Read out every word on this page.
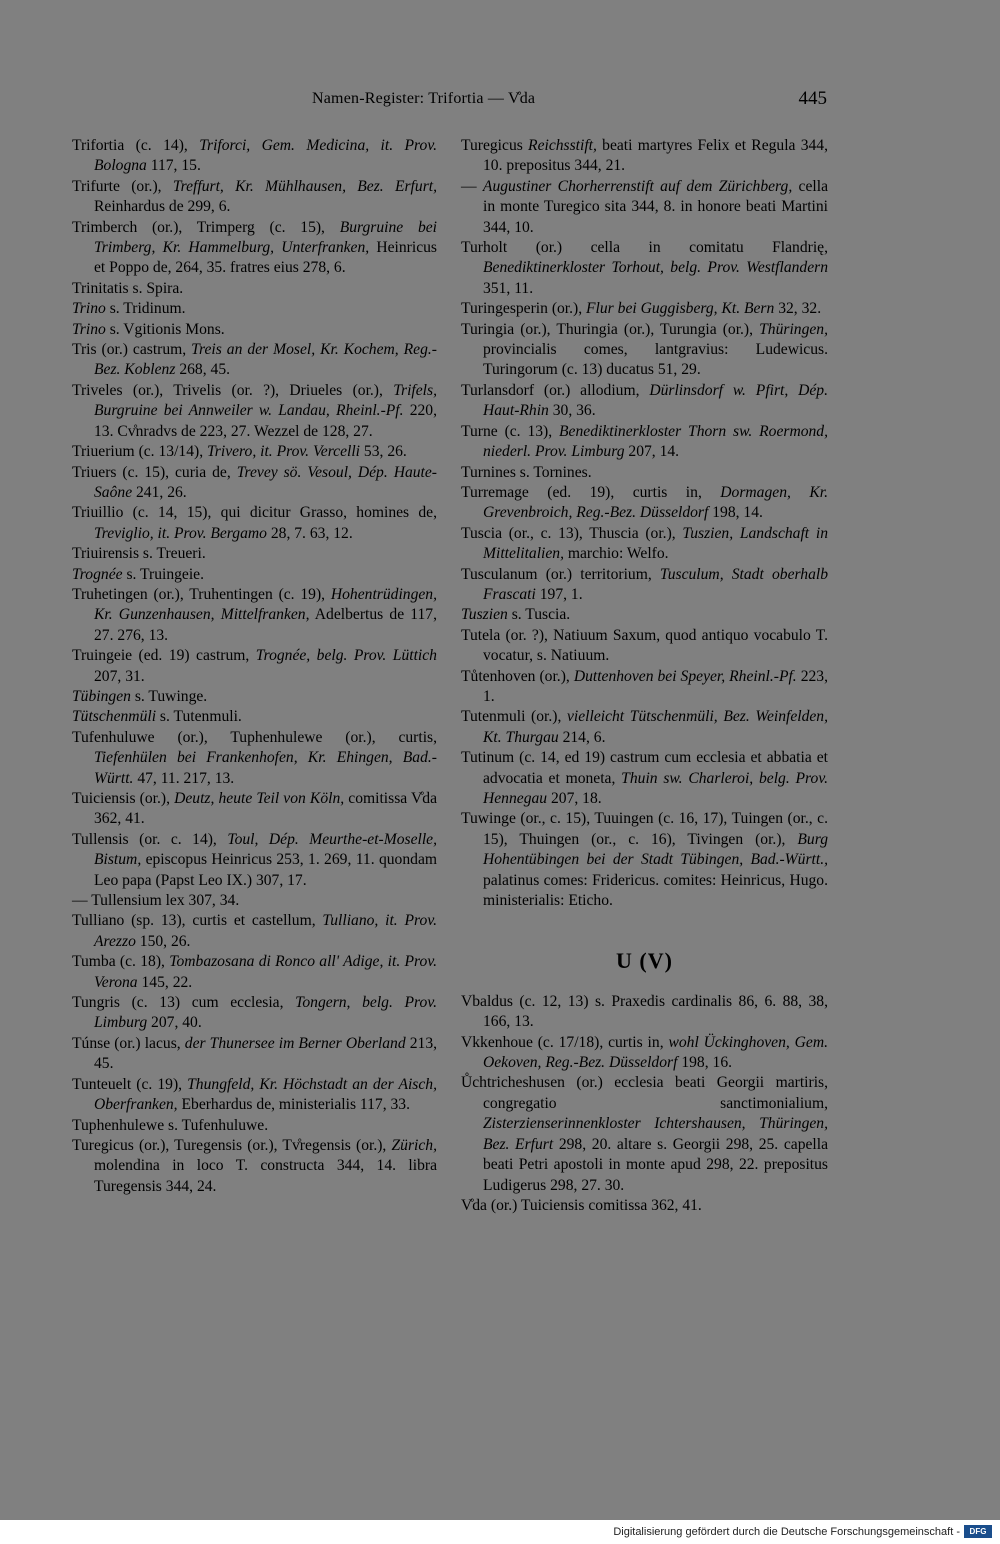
Namen-Register: Trifortia — V̊da	445

Trifortia (c. 14), Triforci, Gem. Medicina, it. Prov. Bologna 117, 15.

Trifurte (or.), Treffurt, Kr. Mühlhausen, Bez. Erfurt, Reinhardus de 299, 6.

Trimberch (or.), Trimperg (c. 15), Burgruine bei Trimberg, Kr. Hammelburg, Unterfranken, Heinricus et Poppo de, 264, 35. fratres eius 278, 6.

Trinitatis s. Spira.

Trino s. Tridinum.

Trino s. Vgitionis Mons.

Tris (or.) castrum, Treis an der Mosel, Kr. Kochem, Reg.-Bez. Koblenz 268, 45.

Triveles (or.), Trivelis (or. ?), Driueles (or.), Trifels, Burgruine bei Annweiler w. Landau, Rheinl.-Pf. 220, 13. Cv̊nradvs de 223, 27. Wezzel de 128, 27.

Triuerium (c. 13/14), Trivero, it. Prov. Vercelli 53, 26.

Triuers (c. 15), curia de, Trevey sö. Vesoul, Dép. Haute-Saône 241, 26.

Triuillio (c. 14, 15), qui dicitur Grasso, homines de, Treviglio, it. Prov. Bergamo 28, 7. 63, 12.

Triuirensis s. Treueri.

Trognée s. Truingeie.

Truhetingen (or.), Truhentingen (c. 19), Hohentrüdingen, Kr. Gunzenhausen, Mittelfranken, Adelbertus de 117, 27. 276, 13.

Truingeie (ed. 19) castrum, Trognée, belg. Prov. Lüttich 207, 31.

Tübingen s. Tuwinge.

Tütschenmüli s. Tutenmuli.

Tufenhuluwe (or.), Tuphenhulewe (or.), curtis, Tiefenhülen bei Frankenhofen, Kr. Ehingen, Bad.-Württ. 47, 11. 217, 13.

Tuiciensis (or.), Deutz, heute Teil von Köln, comitissa V̊da 362, 41.

Tullensis (or. c. 14), Toul, Dép. Meurthe-et-Moselle, Bistum, episcopus Heinricus 253, 1. 269, 11. quondam Leo papa (Papst Leo IX.) 307, 17.

— Tullensium lex 307, 34.

Tulliano (sp. 13), curtis et castellum, Tulliano, it. Prov. Arezzo 150, 26.

Tumba (c. 18), Tombazosana di Ronco all' Adige, it. Prov. Verona 145, 22.

Tungris (c. 13) cum ecclesia, Tongern, belg. Prov. Limburg 207, 40.

Túnse (or.) lacus, der Thunersee im Berner Oberland 213, 45.

Tunteuelt (c. 19), Thungfeld, Kr. Höchstadt an der Aisch, Oberfranken, Eberhardus de, ministerialis 117, 33.

Tuphenhulewe s. Tufenhuluwe.

Turegicus (or.), Turegensis (or.), Tv̊regensis (or.), Zürich, molendina in loco T. constructa 344, 14. libra Turegensis 344, 24.

Turegicus Reichsstift, beati martyres Felix et Regula 344, 10. prepositus 344, 21.

— Augustiner Chorherrenstift auf dem Zürichberg, cella in monte Turegico sita 344, 8. in honore beati Martini 344, 10.

Turholt (or.) cella in comitatu Flandrię, Benediktinerkloster Torhout, belg. Prov. Westflandern 351, 11.

Turingesperin (or.), Flur bei Guggisberg, Kt. Bern 32, 32.

Turingia (or.), Thuringia (or.), Turungia (or.), Thüringen, provincialis comes, lantgravius: Ludewicus. Turingorum (c. 13) ducatus 51, 29.

Turlansdorf (or.) allodium, Dürlinsdorf w. Pfirt, Dép. Haut-Rhin 30, 36.

Turne (c. 13), Benediktinerkloster Thorn sw. Roermond, niederl. Prov. Limburg 207, 14.

Turnines s. Tornines.

Turremage (ed. 19), curtis in, Dormagen, Kr. Grevenbroich, Reg.-Bez. Düsseldorf 198, 14.

Tuscia (or., c. 13), Thuscia (or.), Tuszien, Landschaft in Mittelitalien, marchio: Welfo.

Tusculanum (or.) territorium, Tusculum, Stadt oberhalb Frascati 197, 1.

Tuszien s. Tuscia.

Tutela (or. ?), Natiuum Saxum, quod antiquo vocabulo T. vocatur, s. Natiuum.

Tůtenhoven (or.), Duttenhoven bei Speyer, Rheinl.-Pf. 223, 1.

Tutenmuli (or.), vielleicht Tütschenmüli, Bez. Weinfelden, Kt. Thurgau 214, 6.

Tutinum (c. 14, ed 19) castrum cum ecclesia et abbatia et advocatia et moneta, Thuin sw. Charleroi, belg. Prov. Hennegau 207, 18.

Tuwinge (or., c. 15), Tuuingen (c. 16, 17), Tuingen (or., c. 15), Thuingen (or., c. 16), Tivingen (or.), Burg Hohentübingen bei der Stadt Tübingen, Bad.-Württ., palatinus comes: Fridericus. comites: Heinricus, Hugo. ministerialis: Eticho.

U (V)

Vbaldus (c. 12, 13) s. Praxedis cardinalis 86, 6. 88, 38, 166, 13.

Vkkenhoue (c. 17/18), curtis in, wohl Ückinghoven, Gem. Oekoven, Reg.-Bez. Düsseldorf 198, 16.

Ůchtricheshusen (or.) ecclesia beati Georgii martiris, congregatio sanctimonialium, Zisterzienserinnenkloster Ichtershausen, Thüringen, Bez. Erfurt 298, 20. altare s. Georgii 298, 25. capella beati Petri apostoli in monte apud 298, 22. prepositus Ludigerus 298, 27. 30.

V̊da (or.) Tuiciensis comitissa 362, 41.

Digitalisierung gefördert durch die Deutsche Forschungsgemeinschaft -	DFG
